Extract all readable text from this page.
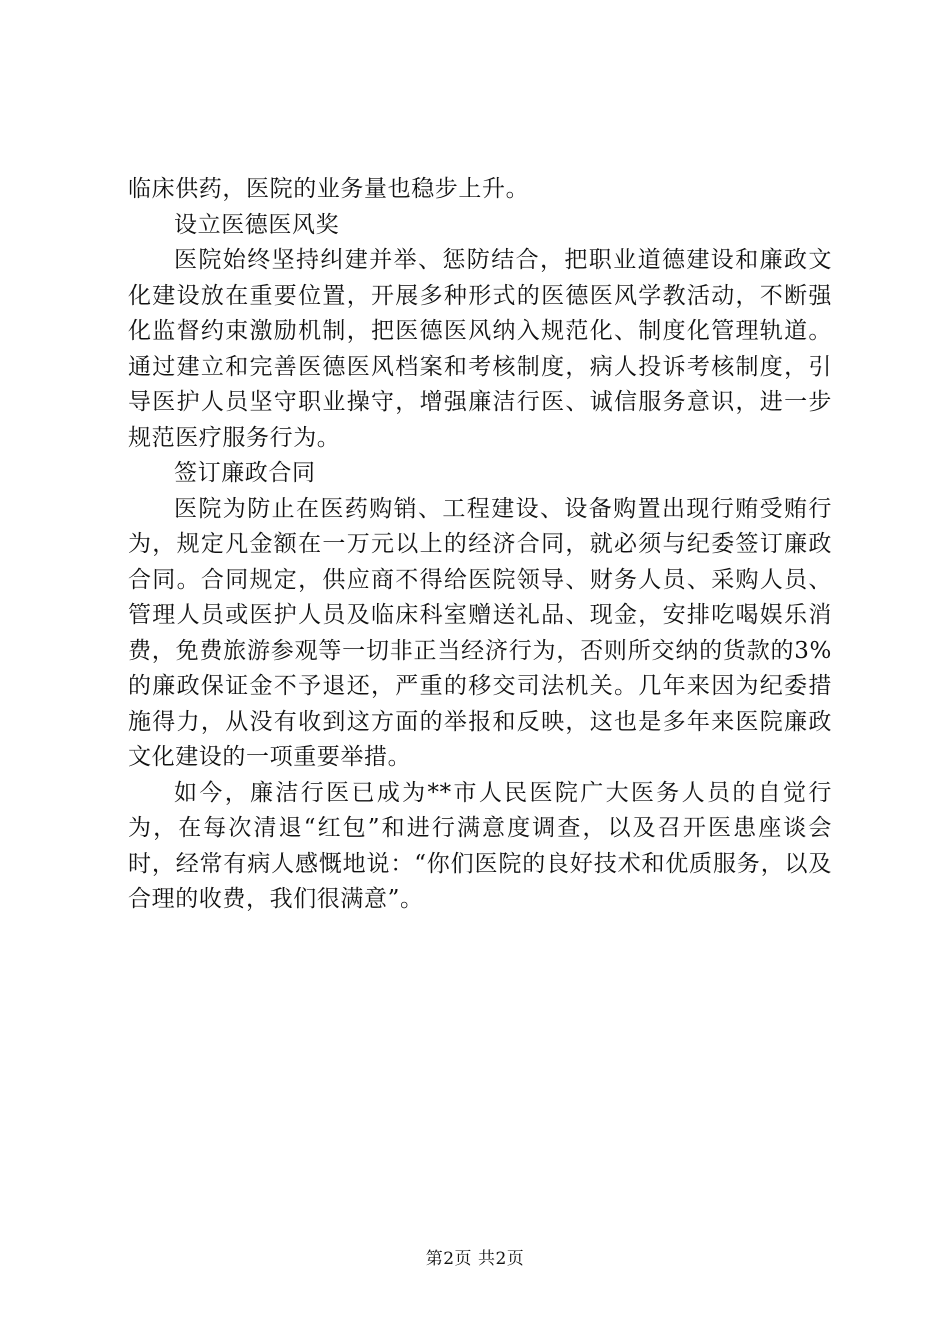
临床供药，医院的业务量也稳步上升。

设立医德医风奖

医院始终坚持纠建并举、惩防结合，把职业道德建设和廉政文化建设放在重要位置，开展多种形式的医德医风学教活动，不断强化监督约束激励机制，把医德医风纳入规范化、制度化管理轨道。通过建立和完善医德医风档案和考核制度，病人投诉考核制度，引导医护人员坚守职业操守，增强廉洁行医、诚信服务意识，进一步规范医疗服务行为。

签订廉政合同

医院为防止在医药购销、工程建设、设备购置出现行贿受贿行为，规定凡金额在一万元以上的经济合同，就必须与纪委签订廉政合同。合同规定，供应商不得给医院领导、财务人员、采购人员、管理人员或医护人员及临床科室赠送礼品、现金，安排吃喝娱乐消费，免费旅游参观等一切非正当经济行为，否则所交纳的货款的3%的廉政保证金不予退还，严重的移交司法机关。几年来因为纪委措施得力，从没有收到这方面的举报和反映，这也是多年来医院廉政文化建设的一项重要举措。

如今，廉洁行医已成为**市人民医院广大医务人员的自觉行为，在每次清退“红包”和进行满意度调查，以及召开医患座谈会时，经常有病人感慨地说：“你们医院的良好技术和优质服务，以及合理的收费，我们很满意”。

第2页 共2页
